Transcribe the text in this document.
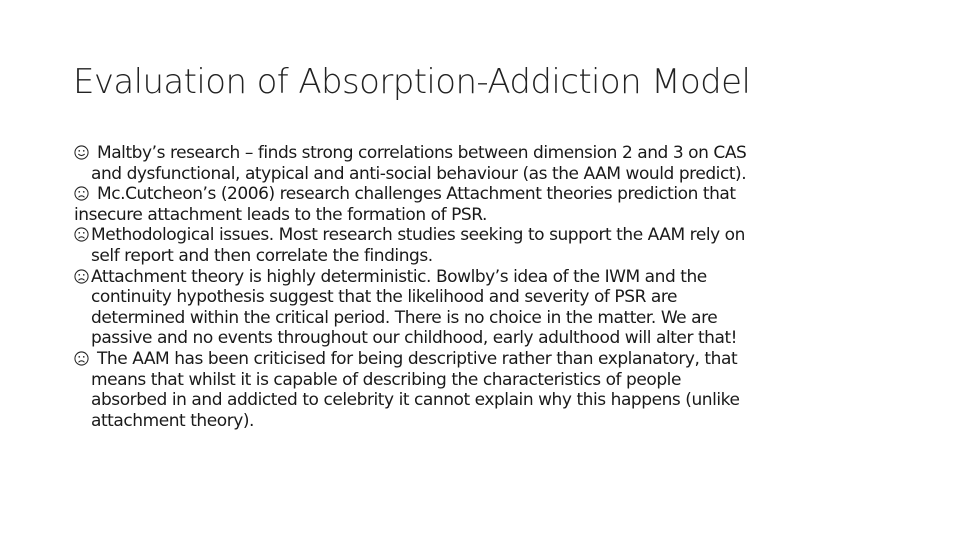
Evaluation of Absorption-Addiction Model
Maltby’s research – finds strong correlations between dimension 2 and 3 on CAS
and dysfunctional, atypical and anti-social behaviour (as the AAM would predict).
Mc.Cutcheon’s (2006) research challenges Attachment theories prediction that
insecure attachment leads to the formation of PSR.
Methodological issues. Most research studies seeking to support the AAM rely on
self report and then correlate the findings.
Attachment theory is highly deterministic. Bowlby’s idea of the IWM and the
continuity hypothesis suggest that the likelihood and severity of PSR are
determined within the critical period. There is no choice in the matter. We are
passive and no events throughout our childhood, early adulthood will alter that!
The AAM has been criticised for being descriptive rather than explanatory, that
means that whilst it is capable of describing the characteristics of people
absorbed in and addicted to celebrity it cannot explain why this happens (unlike
attachment theory).
